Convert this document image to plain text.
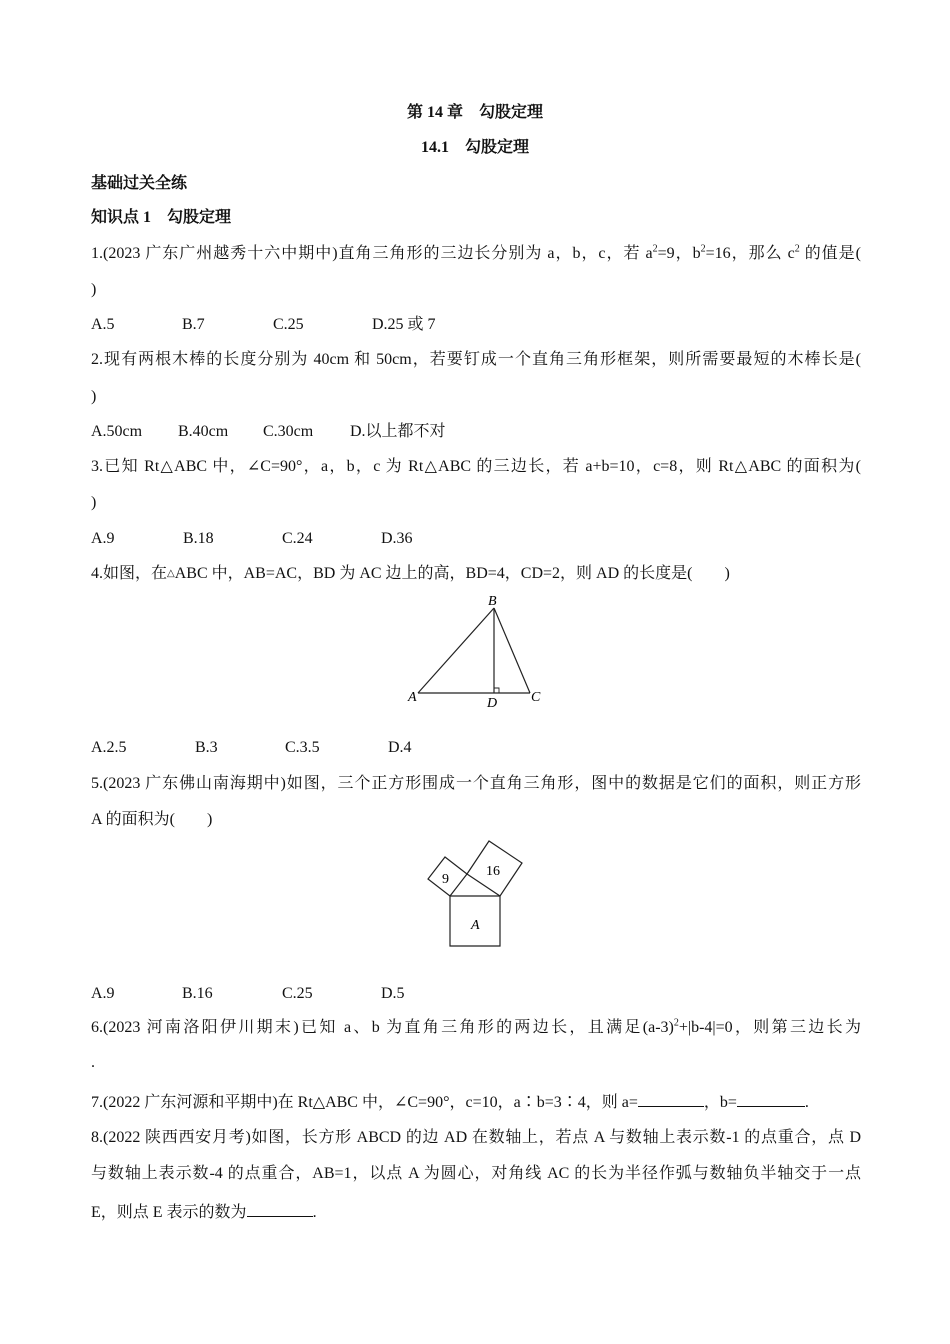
第 14 章　勾股定理
14.1　勾股定理
基础过关全练
知识点 1　勾股定理
1.(2023 广东广州越秀十六中期中)直角三角形的三边长分别为 a，b，c，若 $a^2=9$，$b^2=16$，那么 $c^2$ 的值是(
)
A.5	B.7	C.25	D.25 或 7
2.现有两根木棒的长度分别为 40cm 和 50cm，若要钉成一个直角三角形框架，则所需要最短的木棒长是(
)
A.50cm B.40cm C.30cm D.以上都不对
3.已知 Rt△ABC 中，∠C=90°，a，b，c 为 Rt△ABC 的三边长，若 a+b=10，c=8，则 Rt△ABC 的面积为(
)
A.9	B.18	C.24	D.36
4.如图，在△ABC 中，AB=AC，BD 为 AC 边上的高，BD=4，CD=2，则 AD 的长度是(　　)
A
B
C
D
A.2.5	B.3	C.3.5	D.4
5.(2023 广东佛山南海期中)如图，三个正方形围成一个直角三角形，图中的数据是它们的面积，则正方形
A 的面积为(　　)
9
16
A
A.9	B.16	C.25	D.5
6.(2023 河南洛阳伊川期末)已知 a、b 为直角三角形的两边长，且满足$(a-3)^2+|b-4|=0$，则第三边长为
.
7.(2022 广东河源和平期中)在 Rt△ABC 中，∠C=90°，c=10，a∶b=3∶4，则 a=	，b=	.
8.(2022 陕西西安月考)如图，长方形 ABCD 的边 AD 在数轴上，若点 A 与数轴上表示数-1 的点重合，点 D
与数轴上表示数-4 的点重合，AB=1，以点 A 为圆心，对角线 AC 的长为半径作弧与数轴负半轴交于一点
E，则点 E 表示的数为	.
